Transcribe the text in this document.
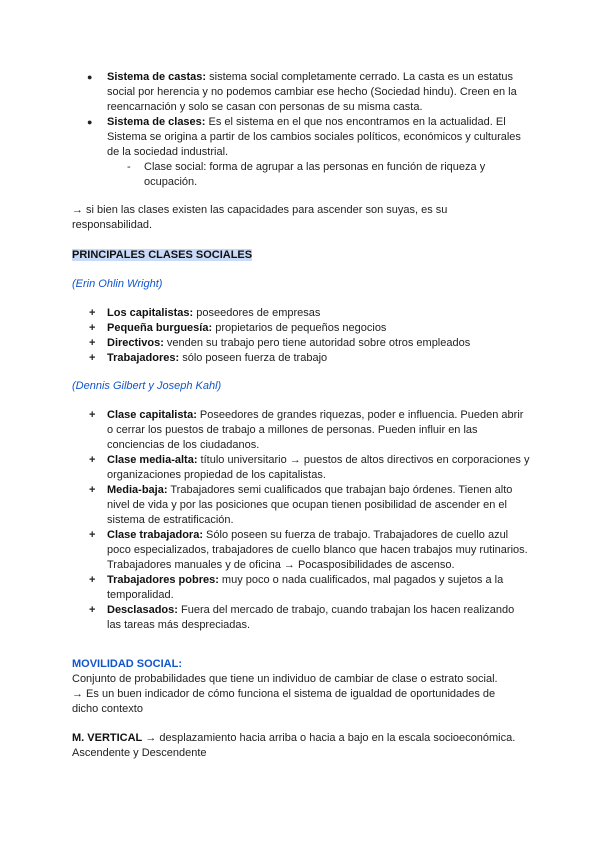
● Sistema de castas: sistema social completamente cerrado. La casta es un estatus social por herencia y no podemos cambiar ese hecho (Sociedad hindu). Creen en la reencarnación y solo se casan con personas de su misma casta.
● Sistema de clases: Es el sistema en el que nos encontramos en la actualidad. El Sistema se origina a partir de los cambios sociales políticos, económicos y culturales de la sociedad industrial.
- Clase social: forma de agrupar a las personas en función de riqueza y ocupación.
→ si bien las clases existen las capacidades para ascender son suyas, es su responsabilidad.
PRINCIPALES CLASES SOCIALES
(Erin Ohlin Wright)
+ Los capitalistas: poseedores de empresas
+ Pequeña burguesía: propietarios de pequeños negocios
+ Directivos: venden su trabajo pero tiene autoridad sobre otros empleados
+ Trabajadores: sólo poseen fuerza de trabajo
(Dennis Gilbert y Joseph Kahl)
+ Clase capitalista: Poseedores de grandes riquezas, poder e influencia. Pueden abrir o cerrar los puestos de trabajo a millones de personas. Pueden influir en las conciencias de los ciudadanos.
+ Clase media-alta: título universitario → puestos de altos directivos en corporaciones y organizaciones propiedad de los capitalistas.
+ Media-baja: Trabajadores semi cualificados que trabajan bajo órdenes. Tienen alto nivel de vida y por las posiciones que ocupan tienen posibilidad de ascender en el sistema de estratificación.
+ Clase trabajadora: Sólo poseen su fuerza de trabajo. Trabajadores de cuello azul poco especializados, trabajadores de cuello blanco que hacen trabajos muy rutinarios. Trabajadores manuales y de oficina → Pocasposibilidades de ascenso.
+ Trabajadores pobres: muy poco o nada cualificados, mal pagados y sujetos a la temporalidad.
+ Desclasados: Fuera del mercado de trabajo, cuando trabajan los hacen realizando las tareas más despreciadas.
MOVILIDAD SOCIAL:
Conjunto de probabilidades que tiene un individuo de cambiar de clase o estrato social.
→ Es un buen indicador de cómo funciona el sistema de igualdad de oportunidades de dicho contexto
M. VERTICAL → desplazamiento hacia arriba o hacia a bajo en la escala socioeconómica. Ascendente y Descendente
